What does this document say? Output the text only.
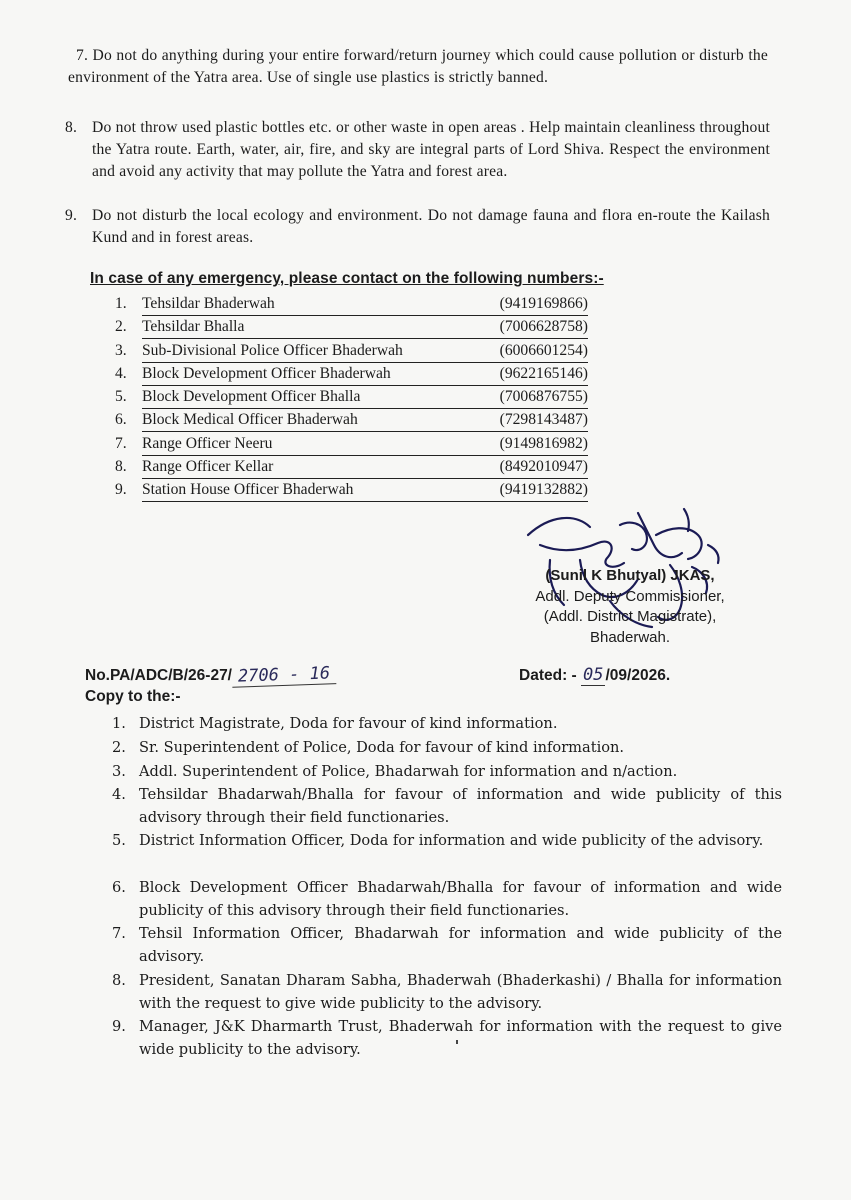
7. Do not do anything during your entire forward/return journey which could cause pollution or disturb the environment of the Yatra area. Use of single use plastics is strictly banned.
8. Do not throw used plastic bottles etc. or other waste in open areas . Help maintain cleanliness throughout the Yatra route. Earth, water, air, fire, and sky are integral parts of Lord Shiva. Respect the environment and avoid any activity that may pollute the Yatra and forest area.
9. Do not disturb the local ecology and environment. Do not damage fauna and flora en-route the Kailash Kund and in forest areas.
In case of any emergency, please contact on the following numbers:-
1. Tehsildar Bhaderwah	(9419169866)
2. Tehsildar Bhalla	(7006628758)
3. Sub-Divisional Police Officer Bhaderwah	(6006601254)
4. Block Development Officer Bhaderwah	(9622165146)
5. Block Development Officer Bhalla	(7006876755)
6. Block Medical Officer Bhaderwah	(7298143487)
7. Range Officer Neeru	(9149816982)
8. Range Officer Kellar	(8492010947)
9. Station House Officer Bhaderwah	(9419132882)
(Sunil K Bhutyal) JKAS,
Addl. Deputy Commissioner,
(Addl. District Magistrate),
Bhaderwah.
No.PA/ADC/B/26-27/ 2706 - 16	Dated: - 05 /09/2026.
Copy to the:-
1. District Magistrate, Doda for favour of kind information.
2. Sr. Superintendent of Police, Doda for favour of kind information.
3. Addl. Superintendent of Police, Bhadarwah for information and n/action.
4. Tehsildar Bhadarwah/Bhalla for favour of information and wide publicity of this advisory through their field functionaries.
5. District Information Officer, Doda for information and wide publicity of the advisory.
6. Block Development Officer Bhadarwah/Bhalla for favour of information and wide publicity of this advisory through their field functionaries.
7. Tehsil Information Officer, Bhadarwah for information and wide publicity of the advisory.
8. President, Sanatan Dharam Sabha, Bhaderwah (Bhaderkashi) / Bhalla for information with the request to give wide publicity to the advisory.
9. Manager, J&K Dharmarth Trust, Bhaderwah for information with the request to give wide publicity to the advisory.
